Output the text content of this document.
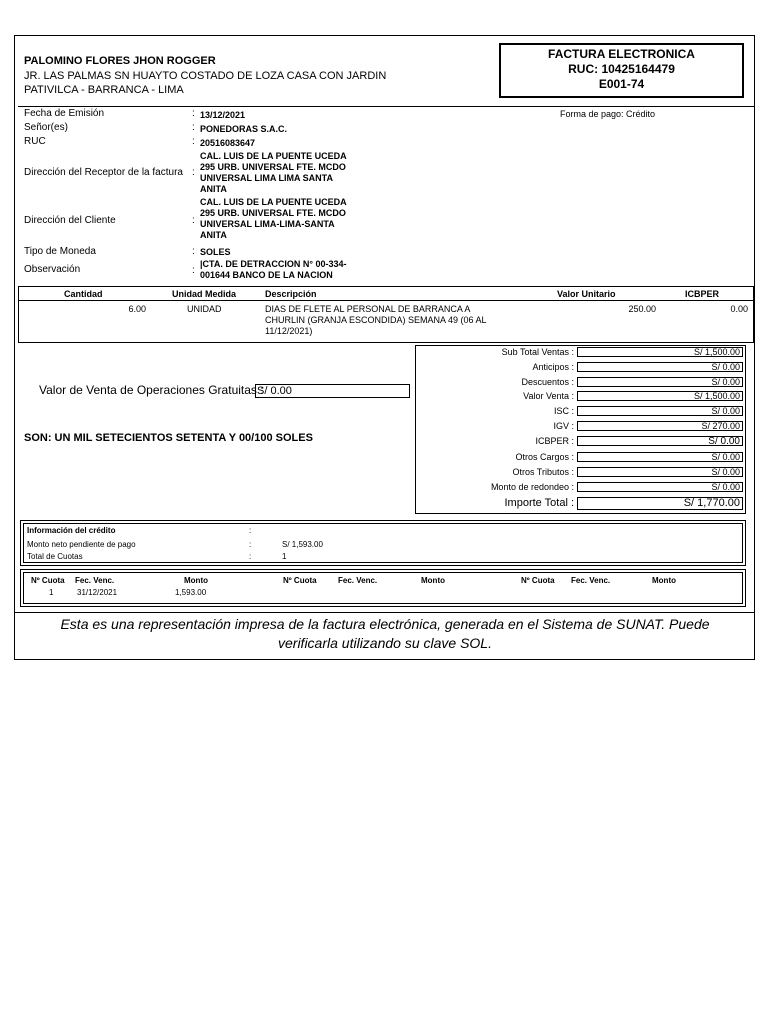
PALOMINO FLORES JHON ROGGER
JR. LAS PALMAS SN HUAYTO COSTADO DE LOZA CASA CON JARDIN
PATIVILCA - BARRANCA - LIMA
FACTURA ELECTRONICA
RUC: 10425164479
E001-74
Fecha de Emisión	: 13/12/2021	Forma de pago: Crédito
Señor(es)	: PONEDORAS S.A.C.
RUC	: 20516083647
Dirección del Receptor de la factura :
CAL. LUIS DE LA PUENTE UCEDA
295 URB. UNIVERSAL FTE. MCDO
UNIVERSAL LIMA LIMA SANTA
ANITA
Dirección del Cliente	:
CAL. LUIS DE LA PUENTE UCEDA
295 URB. UNIVERSAL FTE. MCDO
UNIVERSAL LIMA-LIMA-SANTA
ANITA
Tipo de Moneda	: SOLES
Observación	:
|CTA. DE DETRACCION N° 00-334-
001644 BANCO DE LA NACION
Cantidad	Unidad Medida	Descripción	Valor Unitario	ICBPER
6.00	UNIDAD	DIAS DE FLETE AL PERSONAL DE BARRANCA A
CHURLIN (GRANJA ESCONDIDA) SEMANA 49 (06 AL
11/12/2021)
250.00	0.00
Valor de Venta de Operaciones Gratuitas :
S/ 0.00
SON: UN MIL SETECIENTOS SETENTA Y 00/100 SOLES
Sub Total Ventas :	S/ 1,500.00
Anticipos :	S/ 0.00
Descuentos :	S/ 0.00
Valor Venta :	S/ 1,500.00
ISC :	S/ 0.00
IGV :	S/ 270.00
ICBPER :	S/ 0.00
Otros Cargos :	S/ 0.00
Otros Tributos :	S/ 0.00
Monto de redondeo :	S/ 0.00
Importe Total :	S/ 1,770.00
Información del crédito	:
Monto neto pendiente de pago	:	S/ 1,593.00
Total de Cuotas	:	1
Nº Cuota Fec. Venc.	Monto	Nº Cuota	Fec. Venc.	Monto	Nº Cuota Fec. Venc.	Monto
1	31/12/2021	1,593.00
Esta es una representación impresa de la factura electrónica, generada en el Sistema de SUNAT. Puede
verificarla utilizando su clave SOL.
